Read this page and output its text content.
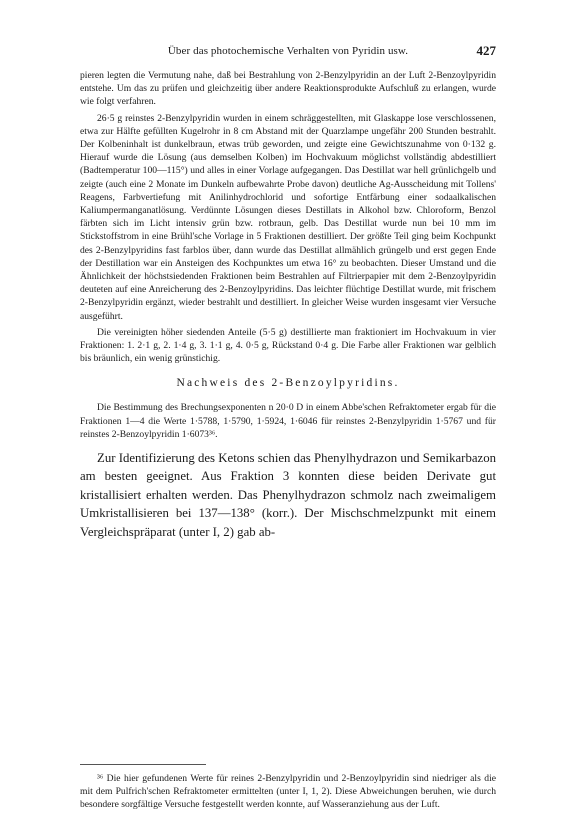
Über das photochemische Verhalten von Pyridin usw.	427

pieren legten die Vermutung nahe, daß bei Bestrahlung von 2-Benzylpyridin an der Luft 2-Benzoylpyridin entstehe. Um das zu prüfen und gleichzeitig über andere Reaktionsprodukte Aufschluß zu erlangen, wurde wie folgt verfahren.

26·5 g reinstes 2-Benzylpyridin wurden in einem schräggestellten, mit Glaskappe lose verschlossenen, etwa zur Hälfte gefüllten Kugelrohr in 8 cm Abstand mit der Quarzlampe ungefähr 200 Stunden bestrahlt. Der Kolbeninhalt ist dunkelbraun, etwas trüb geworden, und zeigte eine Gewichtszunahme von 0·132 g. Hierauf wurde die Lösung (aus demselben Kolben) im Hochvakuum möglichst vollständig abdestilliert (Badtemperatur 100—115°) und alles in einer Vorlage aufgegangen. Das Destillat war hell grünlichgelb und zeigte (auch eine 2 Monate im Dunkeln aufbewahrte Probe davon) deutliche Ag-Ausscheidung mit Tollens' Reagens, Farbvertiefung mit Anilinhydrochlorid und sofortige Entfärbung einer sodaalkalischen Kaliumpermanganatlösung. Verdünnte Lösungen dieses Destillats in Alkohol bzw. Chloroform, Benzol färbten sich im Licht intensiv grün bzw. rotbraun, gelb. Das Destillat wurde nun bei 10 mm im Stickstoffstrom in eine Brühl'sche Vorlage in 5 Fraktionen destilliert. Der größte Teil ging beim Kochpunkt des 2-Benzylpyridins fast farblos über, dann wurde das Destillat allmählich grüngelb und erst gegen Ende der Destillation war ein Ansteigen des Kochpunktes um etwa 16° zu beobachten. Dieser Umstand und die Ähnlichkeit der höchstsiedenden Fraktionen beim Bestrahlen auf Filtrierpapier mit dem 2-Benzoylpyridin deuteten auf eine Anreicherung des 2-Benzoylpyridins. Das leichter flüchtige Destillat wurde, mit frischem 2-Benzylpyridin ergänzt, wieder bestrahlt und destilliert. In gleicher Weise wurden insgesamt vier Versuche ausgeführt.

Die vereinigten höher siedenden Anteile (5·5 g) destillierte man fraktioniert im Hochvakuum in vier Fraktionen: 1. 2·1 g, 2. 1·4 g, 3. 1·1 g, 4. 0·5 g, Rückstand 0·4 g. Die Farbe aller Fraktionen war gelblich bis bräunlich, ein wenig grünstichig.

Nachweis des 2-Benzoylpyridins.

Die Bestimmung des Brechungsexponenten n 20·0 D in einem Abbe'schen Refraktometer ergab für die Fraktionen 1—4 die Werte 1·5788, 1·5790, 1·5924, 1·6046 für reinstes 2-Benzylpyridin 1·5767 und für reinstes 2-Benzoylpyridin 1·6073³⁶.

Zur Identifizierung des Ketons schien das Phenylhydrazon und Semikarbazon am besten geeignet. Aus Fraktion 3 konnten diese beiden Derivate gut kristallisiert erhalten werden. Das Phenylhydrazon schmolz nach zweimaligem Umkristallisieren bei 137—138° (korr.). Der Mischschmelzpunkt mit einem Vergleichspräparat (unter I, 2) gab ab-

³⁶ Die hier gefundenen Werte für reines 2-Benzylpyridin und 2-Benzoylpyridin sind niedriger als die mit dem Pulfrich'schen Refraktometer ermittelten (unter I, 1, 2). Diese Abweichungen beruhen, wie durch besondere sorgfältige Versuche festgestellt werden konnte, auf Wasseranziehung aus der Luft.
